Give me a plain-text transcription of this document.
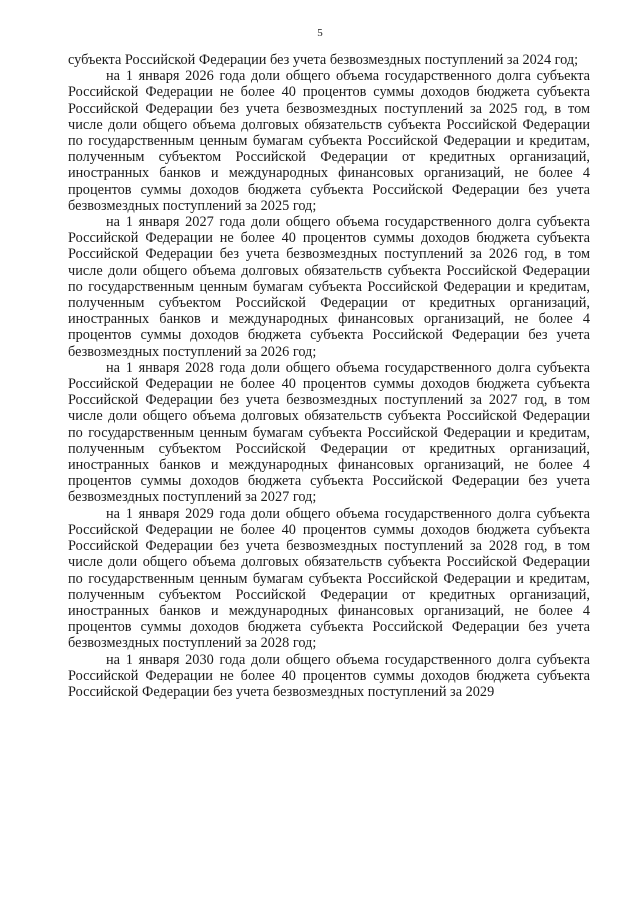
5

субъекта Российской Федерации без учета безвозмездных поступлений за 2024 год;

на 1 января 2026 года доли общего объема государственного долга субъекта Российской Федерации не более 40 процентов суммы доходов бюджета субъекта Российской Федерации без учета безвозмездных поступлений за 2025 год, в том числе доли общего объема долговых обязательств субъекта Российской Федерации по государственным ценным бумагам субъекта Российской Федерации и кредитам, полученным субъектом Российской Федерации от кредитных организаций, иностранных банков и международных финансовых организаций, не более 4 процентов суммы доходов бюджета субъекта Российской Федерации без учета безвозмездных поступлений за 2025 год;

на 1 января 2027 года доли общего объема государственного долга субъекта Российской Федерации не более 40 процентов суммы доходов бюджета субъекта Российской Федерации без учета безвозмездных поступлений за 2026 год, в том числе доли общего объема долговых обязательств субъекта Российской Федерации по государственным ценным бумагам субъекта Российской Федерации и кредитам, полученным субъектом Российской Федерации от кредитных организаций, иностранных банков и международных финансовых организаций, не более 4 процентов суммы доходов бюджета субъекта Российской Федерации без учета безвозмездных поступлений за 2026 год;

на 1 января 2028 года доли общего объема государственного долга субъекта Российской Федерации не более 40 процентов суммы доходов бюджета субъекта Российской Федерации без учета безвозмездных поступлений за 2027 год, в том числе доли общего объема долговых обязательств субъекта Российской Федерации по государственным ценным бумагам субъекта Российской Федерации и кредитам, полученным субъектом Российской Федерации от кредитных организаций, иностранных банков и международных финансовых организаций, не более 4 процентов суммы доходов бюджета субъекта Российской Федерации без учета безвозмездных поступлений за 2027 год;

на 1 января 2029 года доли общего объема государственного долга субъекта Российской Федерации не более 40 процентов суммы доходов бюджета субъекта Российской Федерации без учета безвозмездных поступлений за 2028 год, в том числе доли общего объема долговых обязательств субъекта Российской Федерации по государственным ценным бумагам субъекта Российской Федерации и кредитам, полученным субъектом Российской Федерации от кредитных организаций, иностранных банков и международных финансовых организаций, не более 4 процентов суммы доходов бюджета субъекта Российской Федерации без учета безвозмездных поступлений за 2028 год;

на 1 января 2030 года доли общего объема государственного долга субъекта Российской Федерации не более 40 процентов суммы доходов бюджета субъекта Российской Федерации без учета безвозмездных поступлений за 2029
